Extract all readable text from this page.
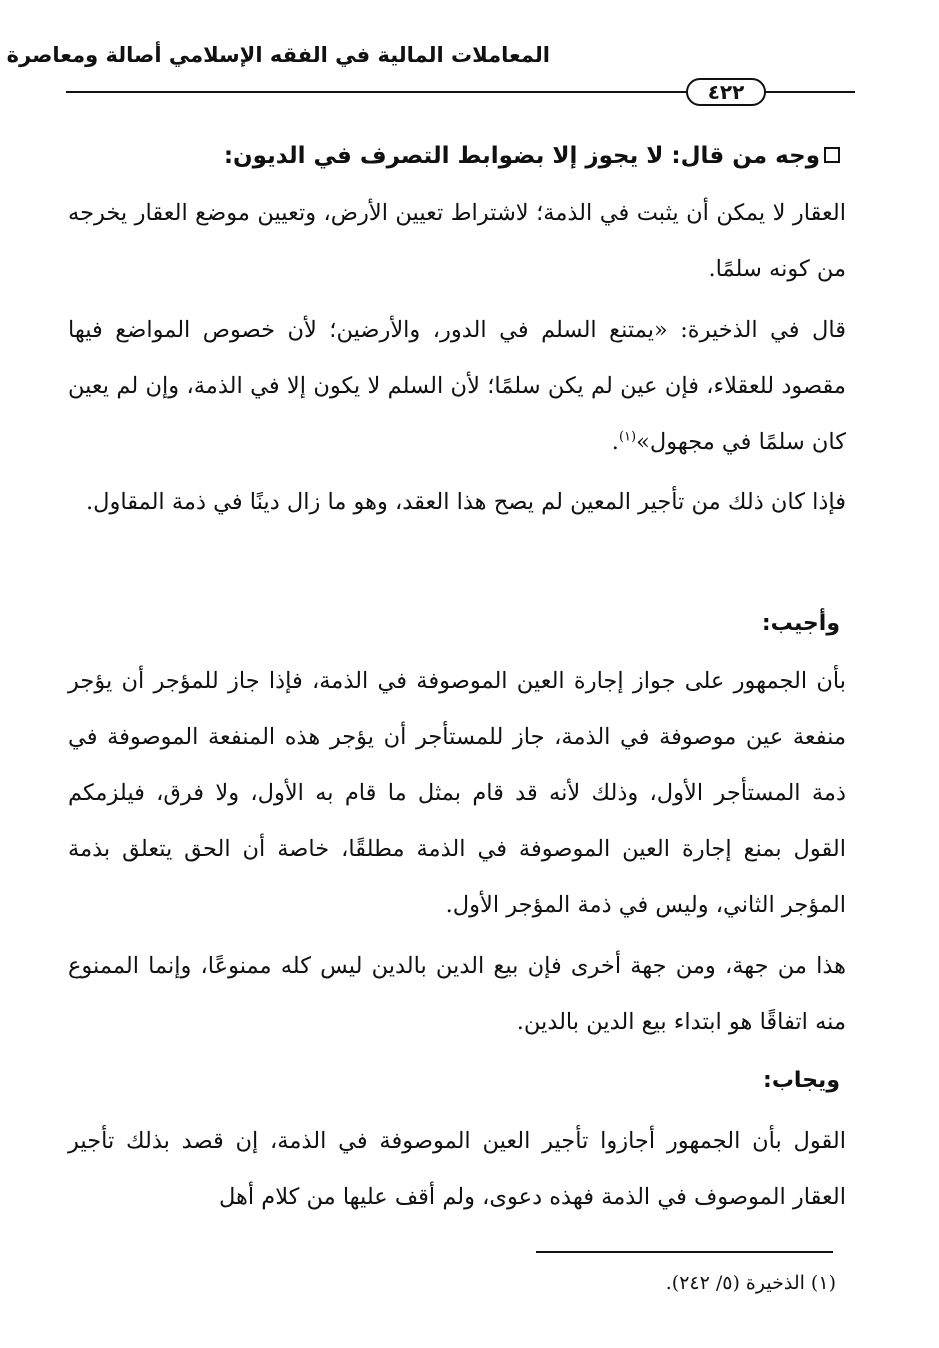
المعاملات المالية في الفقه الإسلامي أصالة ومعاصرة
٤٢٢
وجه من قال: لا يجوز إلا بضوابط التصرف في الديون:
العقار لا يمكن أن يثبت في الذمة؛ لاشتراط تعيين الأرض، وتعيين موضع العقار يخرجه من كونه سلمًا.
قال في الذخيرة: «يمتنع السلم في الدور، والأرضين؛ لأن خصوص المواضع فيها مقصود للعقلاء، فإن عين لم يكن سلمًا؛ لأن السلم لا يكون إلا في الذمة، وإن لم يعين كان سلمًا في مجهول»$^{(١)}$.
فإذا كان ذلك من تأجير المعين لم يصح هذا العقد، وهو ما زال دينًا في ذمة المقاول.
وأجيب:
بأن الجمهور على جواز إجارة العين الموصوفة في الذمة، فإذا جاز للمؤجر أن يؤجر منفعة عين موصوفة في الذمة، جاز للمستأجر أن يؤجر هذه المنفعة الموصوفة في ذمة المستأجر الأول، وذلك لأنه قد قام بمثل ما قام به الأول، ولا فرق، فيلزمكم القول بمنع إجارة العين الموصوفة في الذمة مطلقًا، خاصة أن الحق يتعلق بذمة المؤجر الثاني، وليس في ذمة المؤجر الأول.
هذا من جهة، ومن جهة أخرى فإن بيع الدين بالدين ليس كله ممنوعًا، وإنما الممنوع منه اتفاقًا هو ابتداء بيع الدين بالدين.
ويجاب:
القول بأن الجمهور أجازوا تأجير العين الموصوفة في الذمة، إن قصد بذلك تأجير العقار الموصوف في الذمة فهذه دعوى، ولم أقف عليها من كلام أهل
(١) الذخيرة (٥/ ٢٤٢).
